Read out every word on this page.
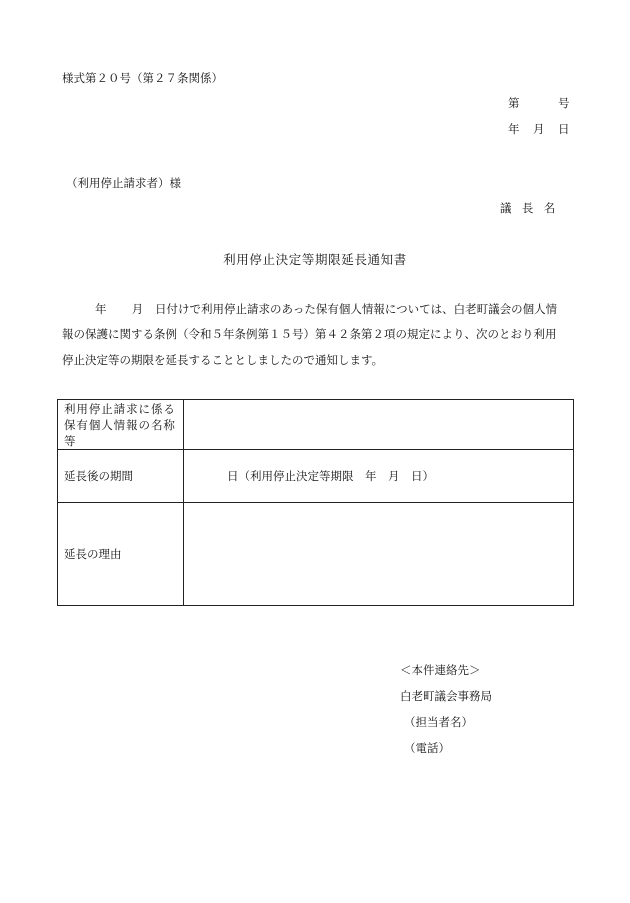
様式第２０号（第２７条関係）
第	号
年 月 日
（利用停止請求者）様
議長名
利用停止決定等期限延長通知書
年　月　
日付けで利用停止請求のあった保有個人情報については、白老町議会の個人情
報の保護に関する条例（令和５年条例第１５号）第４２条第２項の規定により、次のとおり利用
停止決定等の期限を延長することとしましたので通知します。
利用停止請求に係る保有個人情報の名称等	
延長後の期間	日（利用停止決定等期限　年　月　日）
延長の理由	
＜本件連絡先＞
白老町議会事務局
（担当者名）
（電話）
